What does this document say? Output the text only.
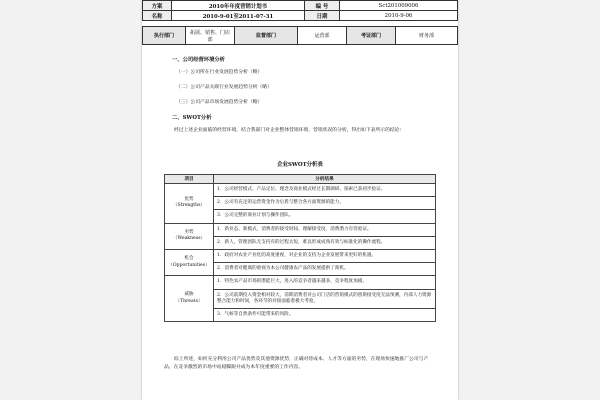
方案	2010年年度营销计划书	编 号	Sct201009006
名称	2010-9-01至2011-07-31	日期	2010-9-06
执行部门	拓展、销售、门店部	监督部门	运营部	考证部门	财务部
一、公司经营环境分析
（一）公司所在行业发展趋势分析（略）
（二）公司产品关联行业发展趋势分析（略）
（三）公司产品市场发展趋势分析（略）
二、SWOT分析
经过上述企业面临的经营环境，结合我部门对企业整体营销环境、营销状况的分析，得出如下表所示的结论：
企业SWOT分析表
项目	分析结果

优势
（Strengths）	1．公司经营模式、产品定位、理念及商业模式经过长期调研、探索已获初步验证。
	2．公司有充足的运营资金作为后盾与整合各方面资源的能力。
	3．公司完整的商业计划与操作团队。

劣势
（Weakness）	1．新业态、新模式，消费者的接受时间、理解接受度、消费潜力有待验证。
	2．新人，管理团队无支持有的过程太短，难以形成成熟有效与标准化的操作流程。

机会
（Opportunities）	1．政府对农业产业化的高度重视，对企业的支持为企业发展带来更好的机遇。
	2．消费者对健康的重视为本公司健康农产品的发展提供了商机。

威胁
（Threats）	1．特色农产品市场的潜能巨大，进入的竞争者越来越多，竞争程度加剧。
	2．公司前期投入资金相对较大，前期消费者对公司门店的营销模式的创新接受度无法预测，内部人力资源整合能力和时间，各环节的对接面临着极大考验。
	3．气候等自然条件可能带来的风险。
综上所述，如何充分利用公司产品优势及其他资源优势，正确对待成本、人才等方面的劣势，在现场快速地推广公司与产品，在竞争激烈的市场中站稳脚跟并成为本年度重要的工作内容。
